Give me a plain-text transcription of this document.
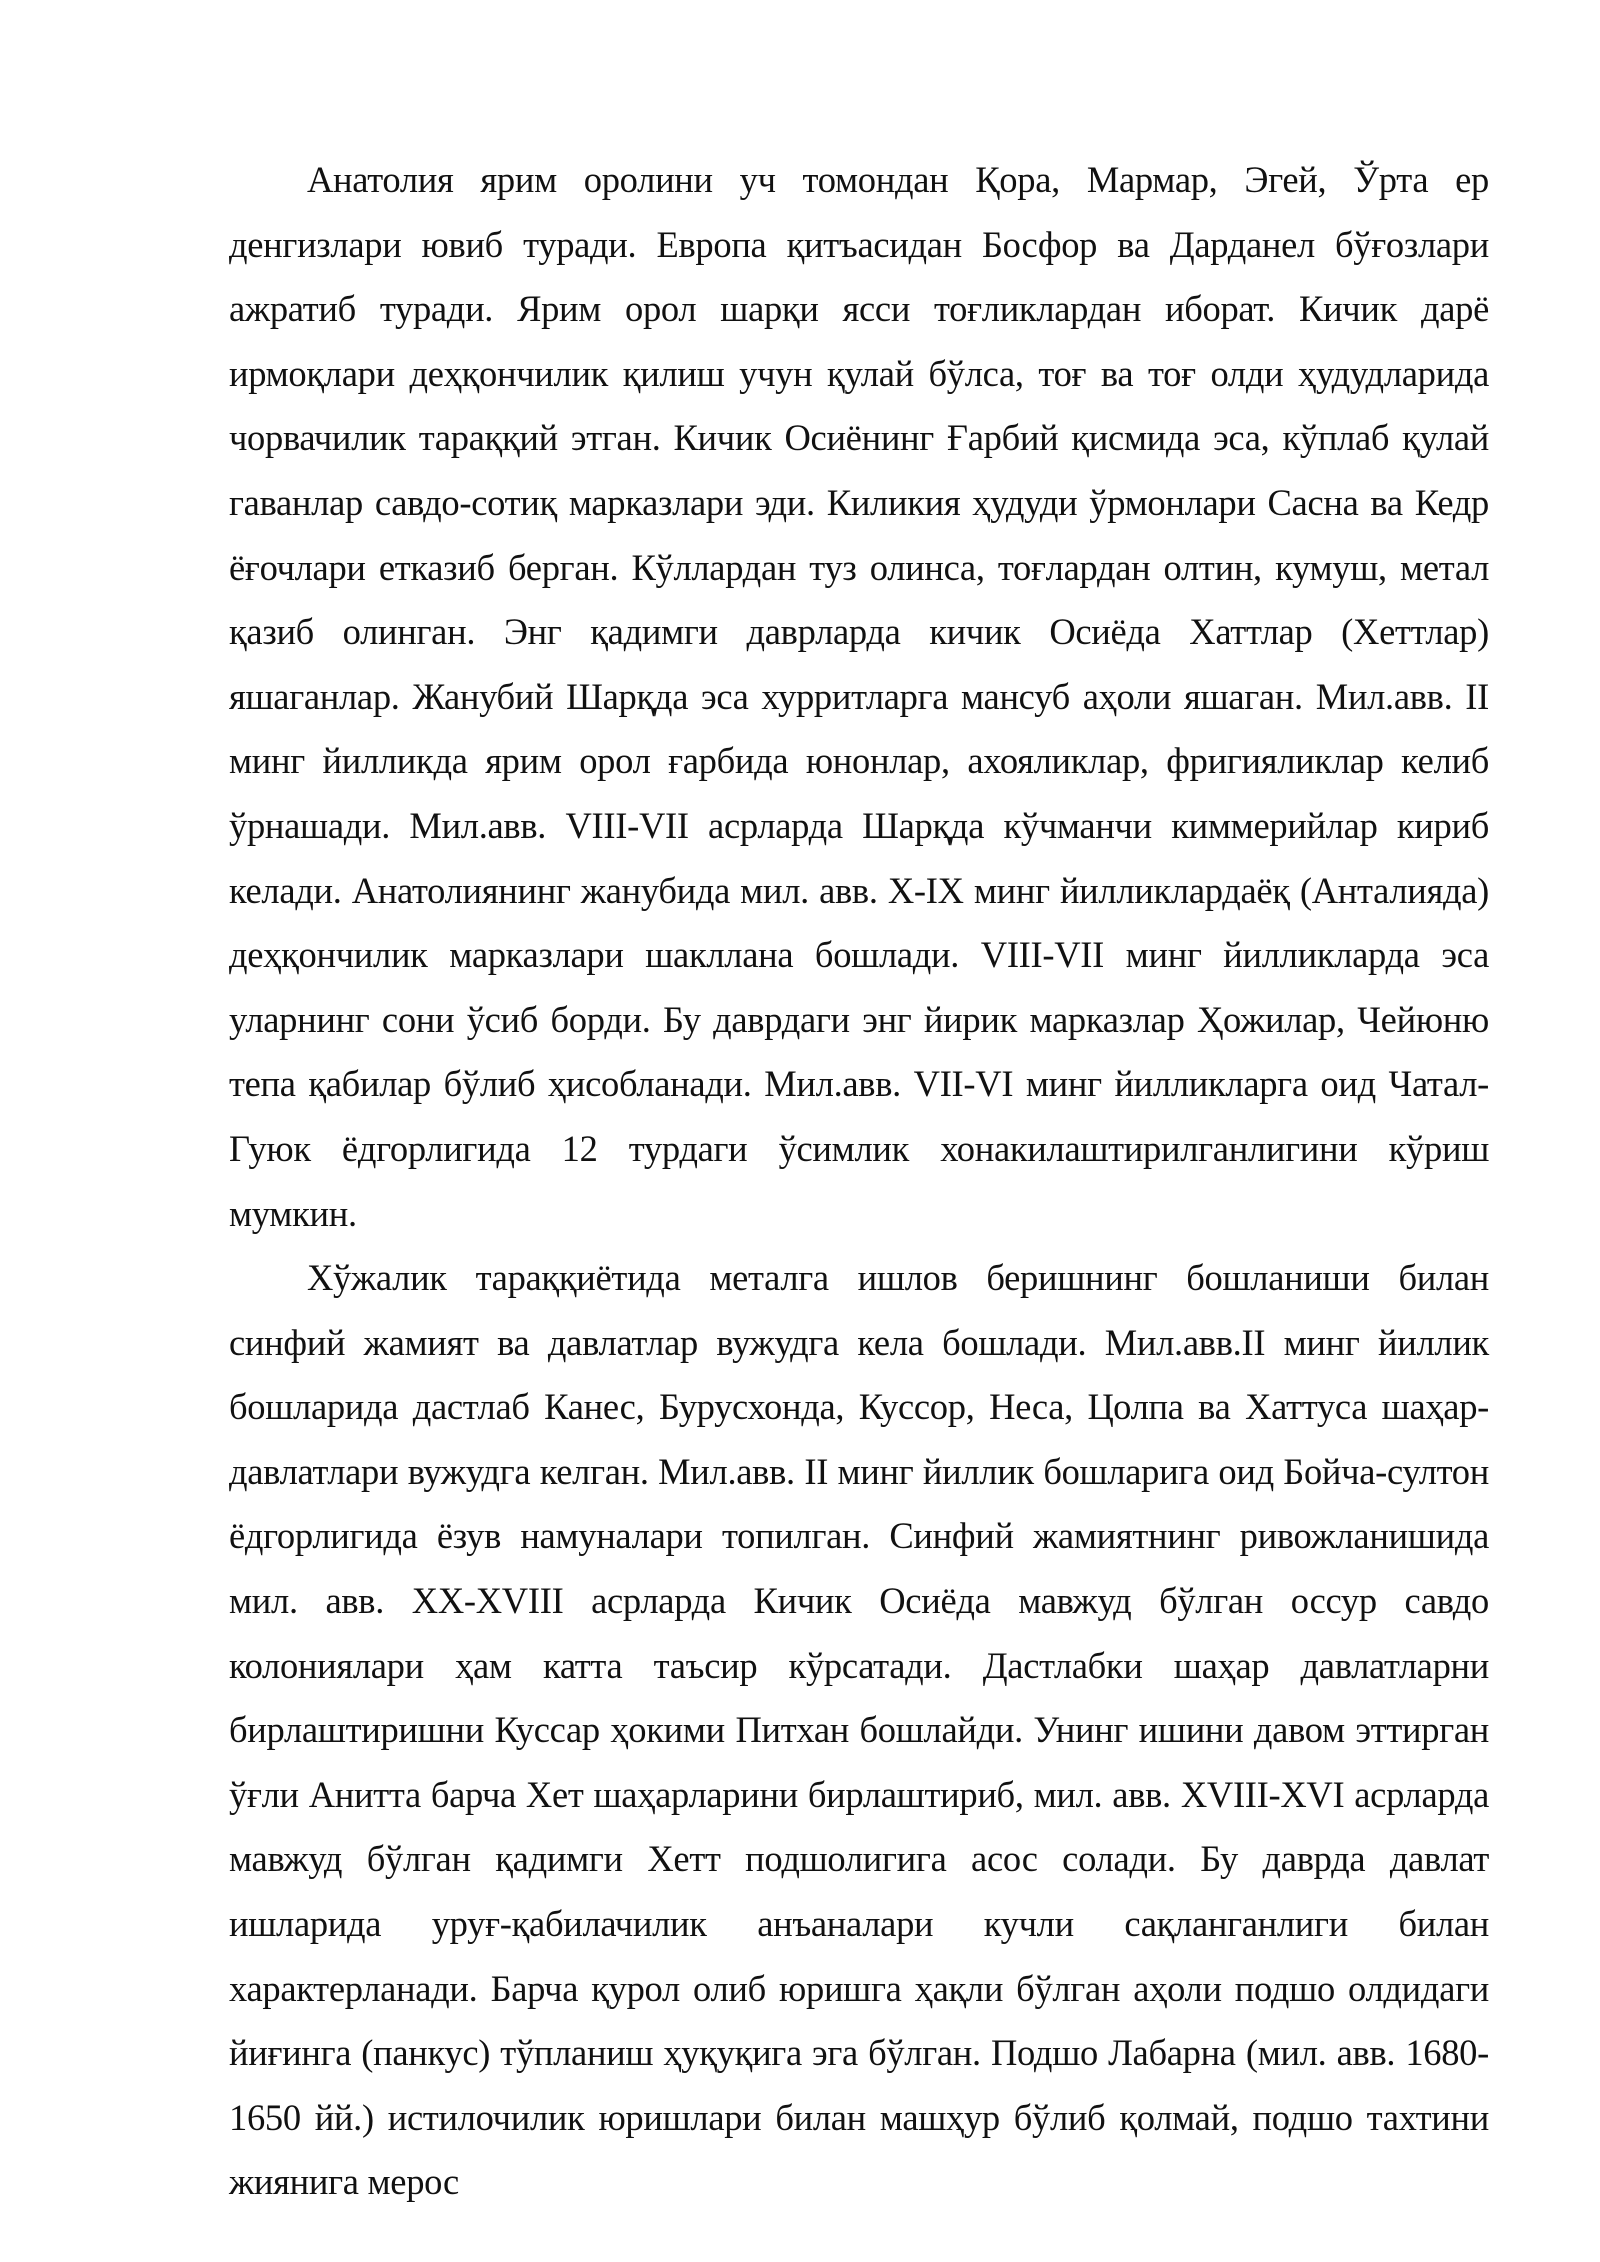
Анатолия ярим оролини уч томондан Қора, Мармар, Эгей, Ўрта ер денгизлари ювиб туради. Европа қитъасидан Босфор ва Дарданел бўғозлари ажратиб туради. Ярим орол шарқи ясси тоғликлардан иборат. Кичик дарё ирмоқлари деҳқончилик қилиш учун қулай бўлса, тоғ ва тоғ олди ҳудудларида чорвачилик тараққий этган. Кичик Осиёнинг Ғарбий қисмида эса, кўплаб қулай гаванлар савдо-сотиқ марказлари эди. Киликия ҳудуди ўрмонлари Сасна ва Кедр ёғочлари етказиб берган. Кўллардан туз олинса, тоғлардан олтин, кумуш, метал қазиб олинган. Энг қадимги даврларда кичик Осиёда Хаттлар (Хеттлар) яшаганлар. Жанубий Шарқда эса хурритларга мансуб аҳоли яшаган. Мил.авв. II минг йилликда ярим орол ғарбида юнонлар, ахояликлар, фригияликлар келиб ўрнашади. Мил.авв. VIII-VII асрларда Шарқда кўчманчи киммерийлар кириб келади. Анатолиянинг жанубида мил. авв. X-IX минг йилликлардаёқ (Анталияда) деҳқончилик марказлари шакллана бошлади. VIII-VII минг йилликларда эса уларнинг сони ўсиб борди. Бу даврдаги энг йирик марказлар Ҳожилар, Чейюню тепа қабилар бўлиб ҳисобланади. Мил.авв. VII-VI минг йилликларга оид Чатал-Гуюк ёдгорлигида 12 турдаги ўсимлик хонакилаштирилганлигини кўриш мумкин.

Хўжалик тараққиётида металга ишлов беришнинг бошланиши билан синфий жамият ва давлатлар вужудга кела бошлади. Мил.авв.II минг йиллик бошларида дастлаб Канес, Бурусхонда, Куссор, Неса, Цолпа ва Хаттуса шаҳар-давлатлари вужудга келган. Мил.авв. II минг йиллик бошларига оид Бойча-султон ёдгорлигида ёзув намуналари топилган. Синфий жамиятнинг ривожланишида мил. авв. XX-XVIII асрларда Кичик Осиёда мавжуд бўлган оссур савдо колониялари ҳам катта таъсир кўрсатади. Дастлабки шаҳар давлатларни бирлаштиришни Куссар ҳокими Питхан бошлайди. Унинг ишини давом эттирган ўғли Анитта барча Хет шаҳарларини бирлаштириб, мил. авв. XVIII-XVI асрларда мавжуд бўлган қадимги Хетт подшолигига асос солади. Бу даврда давлат ишларида уруғ-қабилачилик анъаналари кучли сақланганлиги билан характерланади. Барча қурол олиб юришга ҳақли бўлган аҳоли подшо олдидаги йиғинга (панкус) тўпланиш ҳуқуқига эга бўлган. Подшо Лабарна (мил. авв. 1680-1650 йй.) истилочилик юришлари билан машҳур бўлиб қолмай, подшо тахтини жиянига мерос
